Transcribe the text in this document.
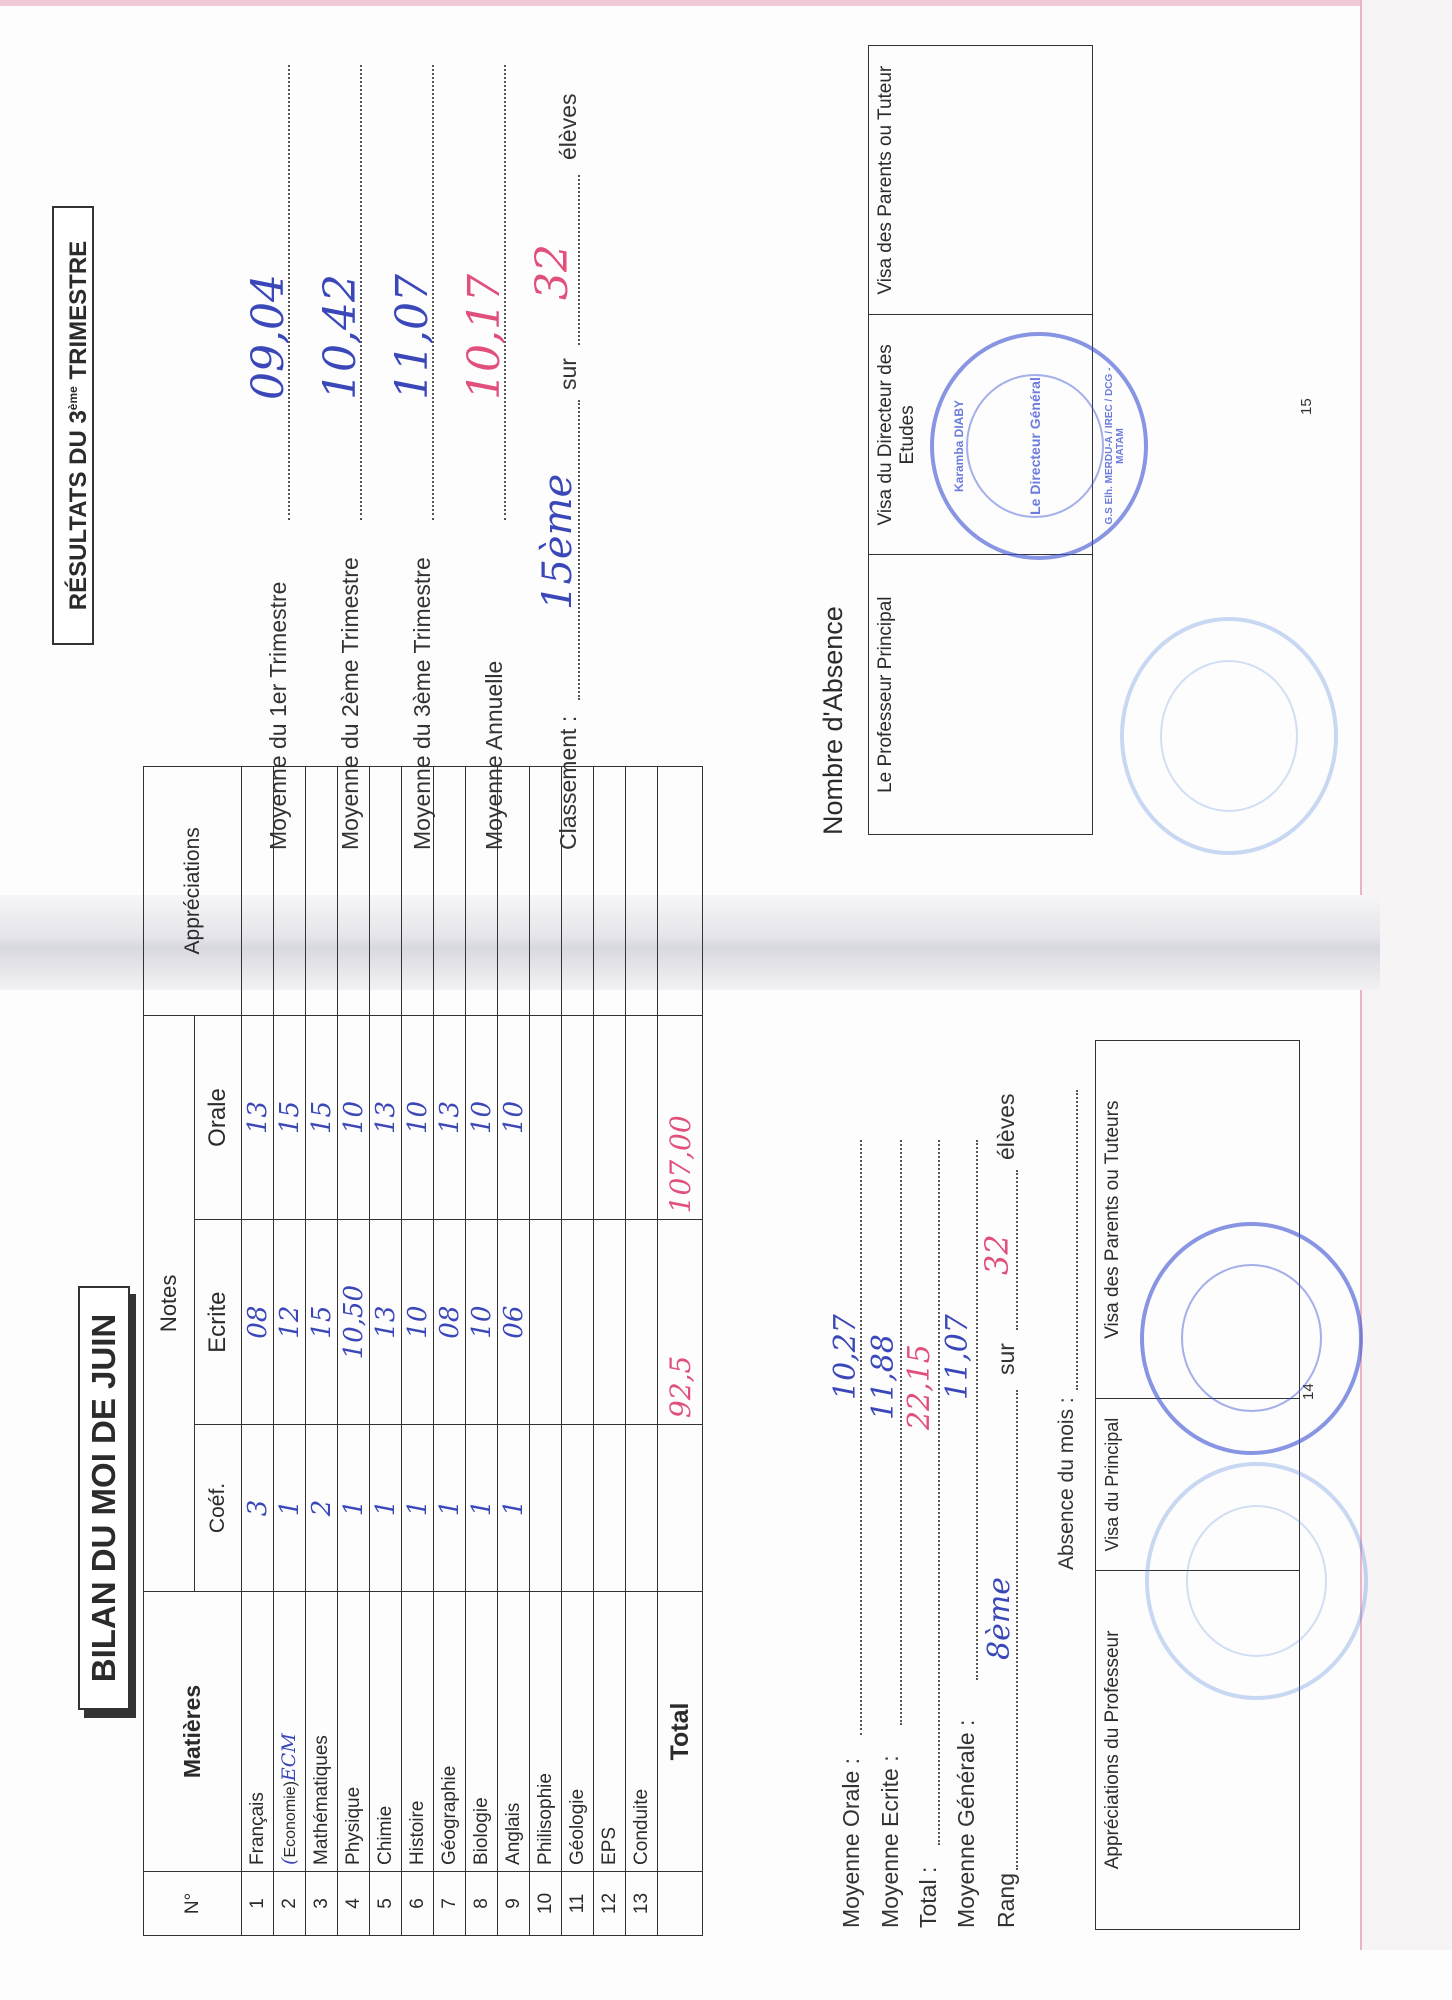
BILAN DU MOI DE JUIN
N°	Matières	Notes			Appréciations
		Coéf.	Ecrite	Orale	
1	Français	3	08	13	
2	(Economie)ECM	1	12	15	
3	Mathématiques	2	15	15	
4	Physique	1	10,50	10	
5	Chimie	1	13	13	
6	Histoire	1	10	10	
7	Géographie	1	08	13	
8	Biologie	1	10	10	
9	Anglais	1	06	10	
10	Philisophie				
11	Géologie				
12	EPS				
13	Conduite				
	Total		92,5	107,00	
Moyenne Orale :
10,27
Moyenne Ecrite :
11,88
Total :
22,15
Moyenne Générale :
11,07
Rang
8ème
sur
32
élèves
Absence du mois :
Appréciations du Professeur	Visa du Principal	Visa des Parents ou Tuteurs
14
RÉSULTATS DU 3ème TRIMESTRE
Moyenne du 1er Trimestre
09,04
Moyenne du 2ème Trimestre
10,42
Moyenne du 3ème Trimestre
11,07
Moyenne Annuelle
10,17
Classement :
15ème
sur
32
élèves
Nombre d'Absence Le Professeur Principal	Visa du Directeur des Etudes	Visa des Parents ou Tuteur
15
Karamba DIABY	Le Directeur Général	G.S Elh. MERDU-A / IREC / DCG - MATAM
